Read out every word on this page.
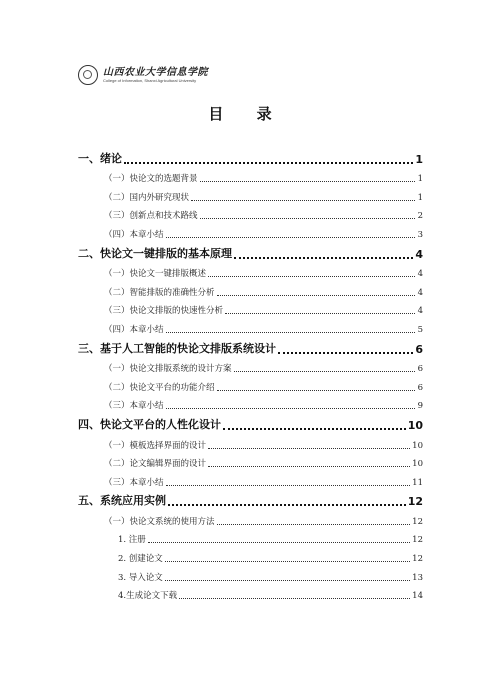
山西农业大学信息学院
College of Information, Shanxi Agricultural University
目 录
一、绪论	1
（一）快论文的选题背景	1
（二）国内外研究现状	1
（三）创新点和技术路线	2
（四）本章小结	3
二、快论文一键排版的基本原理	4
（一）快论文一键排版概述	4
（二）智能排版的准确性分析	4
（三）快论文排版的快速性分析	4
（四）本章小结	5
三、基于人工智能的快论文排版系统设计	6
（一）快论文排版系统的设计方案	6
（二）快论文平台的功能介绍	6
（三）本章小结	9
四、快论文平台的人性化设计	10
（一）模板选择界面的设计	10
（二）论文编辑界面的设计	10
（三）本章小结	11
五、系统应用实例	12
（一）快论文系统的使用方法	12
1. 注册	12
2. 创建论文	12
3. 导入论文	13
4.生成论文下载	14
